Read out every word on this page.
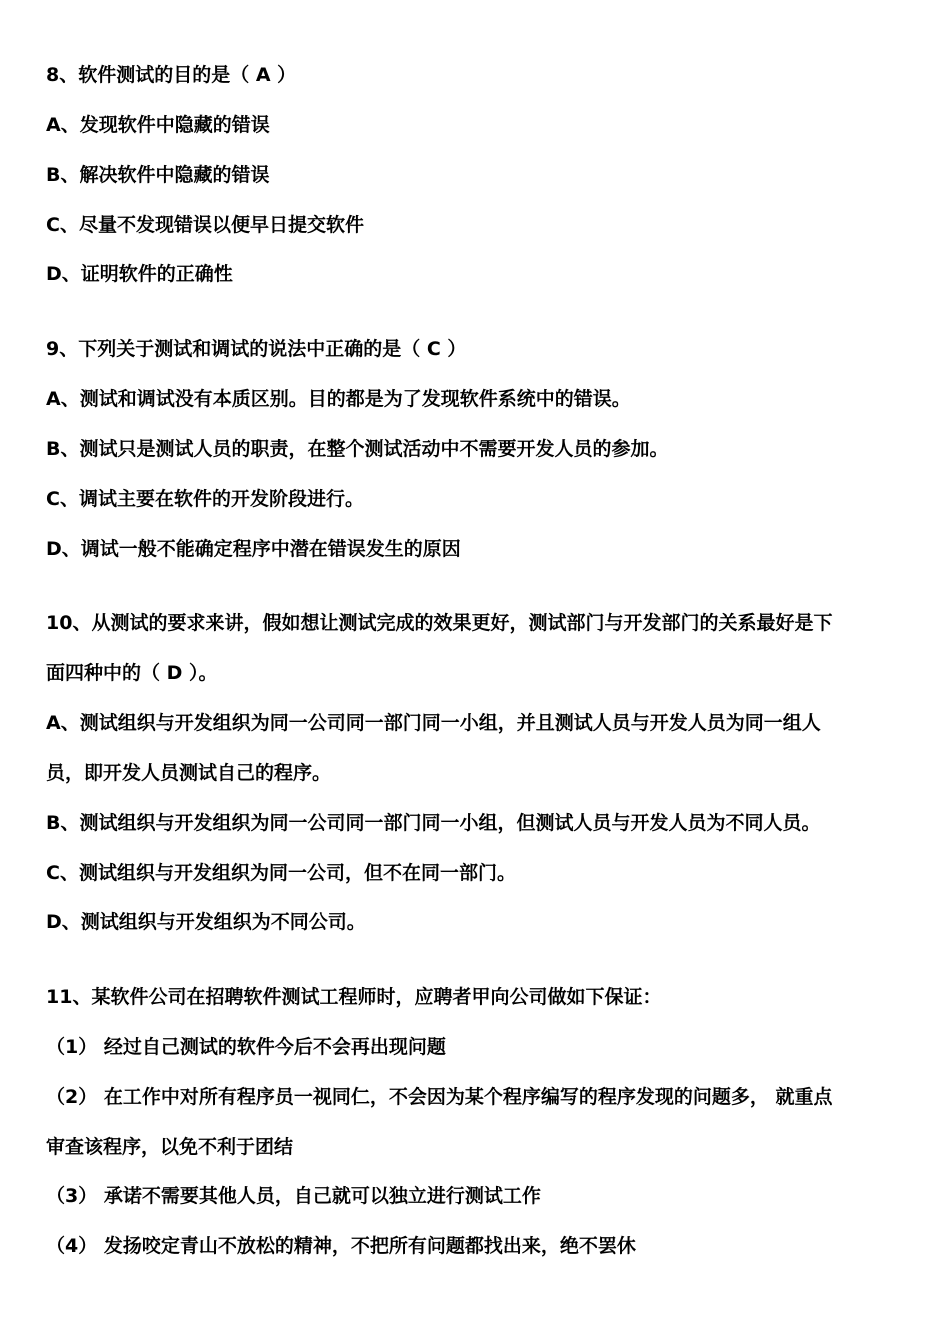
8、软件测试的目的是（ A ）

A、发现软件中隐藏的错误

B、解决软件中隐藏的错误

C、尽量不发现错误以便早日提交软件

D、证明软件的正确性

9、下列关于测试和调试的说法中正确的是（ C ）

A、测试和调试没有本质区别。目的都是为了发现软件系统中的错误。

B、测试只是测试人员的职责，在整个测试活动中不需要开发人员的参加。

C、调试主要在软件的开发阶段进行。

D、调试一般不能确定程序中潜在错误发生的原因

10、从测试的要求来讲，假如想让测试完成的效果更好，测试部门与开发部门的关系最好是下

面四种中的（ D ）。

A、测试组织与开发组织为同一公司同一部门同一小组，并且测试人员与开发人员为同一组人

员，即开发人员测试自己的程序。

B、测试组织与开发组织为同一公司同一部门同一小组，但测试人员与开发人员为不同人员。

C、测试组织与开发组织为同一公司，但不在同一部门。

D、测试组织与开发组织为不同公司。

11、某软件公司在招聘软件测试工程师时，应聘者甲向公司做如下保证：

（1） 经过自己测试的软件今后不会再出现问题

（2） 在工作中对所有程序员一视同仁，不会因为某个程序编写的程序发现的问题多， 就重点

审查该程序，以免不利于团结

（3） 承诺不需要其他人员，自己就可以独立进行测试工作

（4） 发扬咬定青山不放松的精神，不把所有问题都找出来，绝不罢休
